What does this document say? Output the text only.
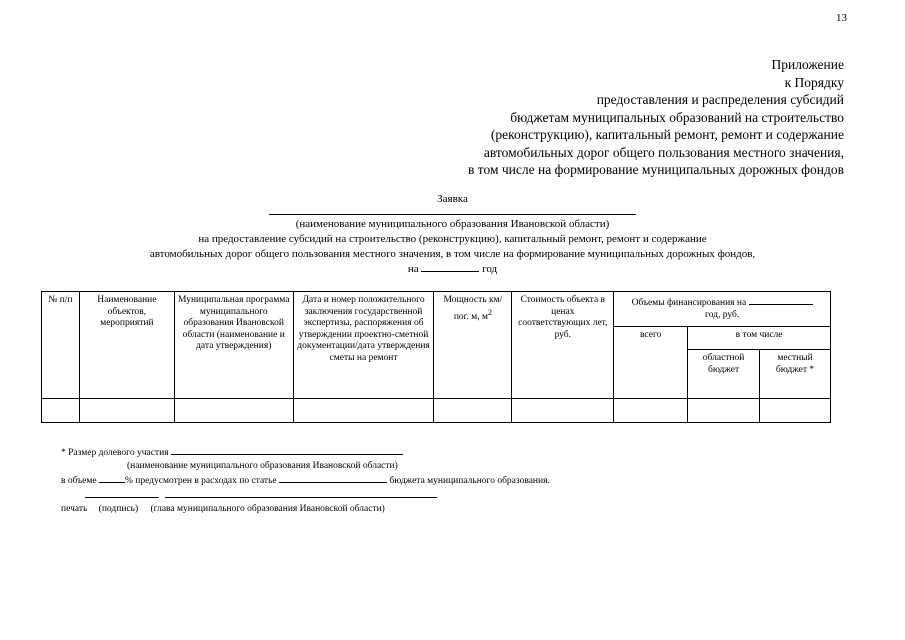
13
Приложение
к Порядку
предоставления и распределения субсидий
бюджетам муниципальных образований на строительство
(реконструкцию), капитальный ремонт, ремонт и содержание
автомобильных дорог общего пользования местного значения,
в том числе на формирование муниципальных дорожных фондов
Заявка
(наименование муниципального образования Ивановской области)
на предоставление субсидий на строительство (реконструкцию), капитальный ремонт, ремонт и содержание
автомобильных дорог общего пользования местного значения, в том числе на формирование муниципальных дорожных фондов,
на	год
№ п/п	Наименование объектов, мероприятий	Муниципальная программа муниципального образования Ивановской области (наименование и дата утверждения)	Дата и номер положительного заключения государственной экспертизы, распоряжения об утверждении проектно-сметной документации/дата утверждения сметы на ремонт	Мощность км/пог. м, $м^2$	Стоимость объекта в ценах соответствующих лет, руб.	Объемы финансирования на
год, руб.		
						всего	в том числе	
							областной бюджет	местный бюджет *

* Размер долевого участия
(наименование муниципального образования Ивановской области)
в объеме	% предусмотрен в расходах по статье	бюджета муниципального образования.

печать (подпись) (глава муниципального образования Ивановской области)
